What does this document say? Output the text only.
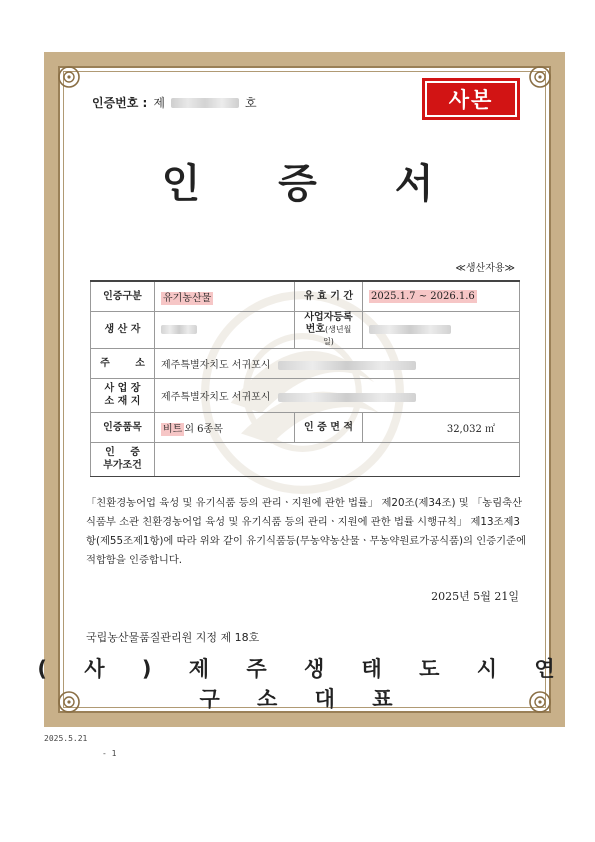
인증번호 : 제	호	사본
인 증 서
≪생산자용≫
인증구분	유기농산물	유 효 기 간	2025.1.7 ~ 2026.1.6
생 산 자		사업자등록
번호(생년월일)	
주 소	제주특별자치도 서귀포시		
사 업 장
소 재 지	제주특별자치도 서귀포시		
인증품목	비트 외 6종목	인 증 면 적	32,032 ㎡
인 증
부가조건			
「친환경농어업 육성 및 유기식품 등의 관리ㆍ지원에 관한 법률」 제20조(제34조) 및 「농림축산식품부 소관 친환경농어업 육성 및 유기식품 등의 관리ㆍ지원에 관한 법률 시행규칙」 제13조제3항(제55조제1항)에 따라 위와 같이 유기식품등(무농약농산물ㆍ무농약원료가공식품)의 인증기준에 적합함을 인증합니다.
2025년 5월 21일
국립농산물품질관리원 지정 제 18호
( 사 ) 제 주 생 태 도 시 연 구 소 대 표
2025.5.21
- 1
